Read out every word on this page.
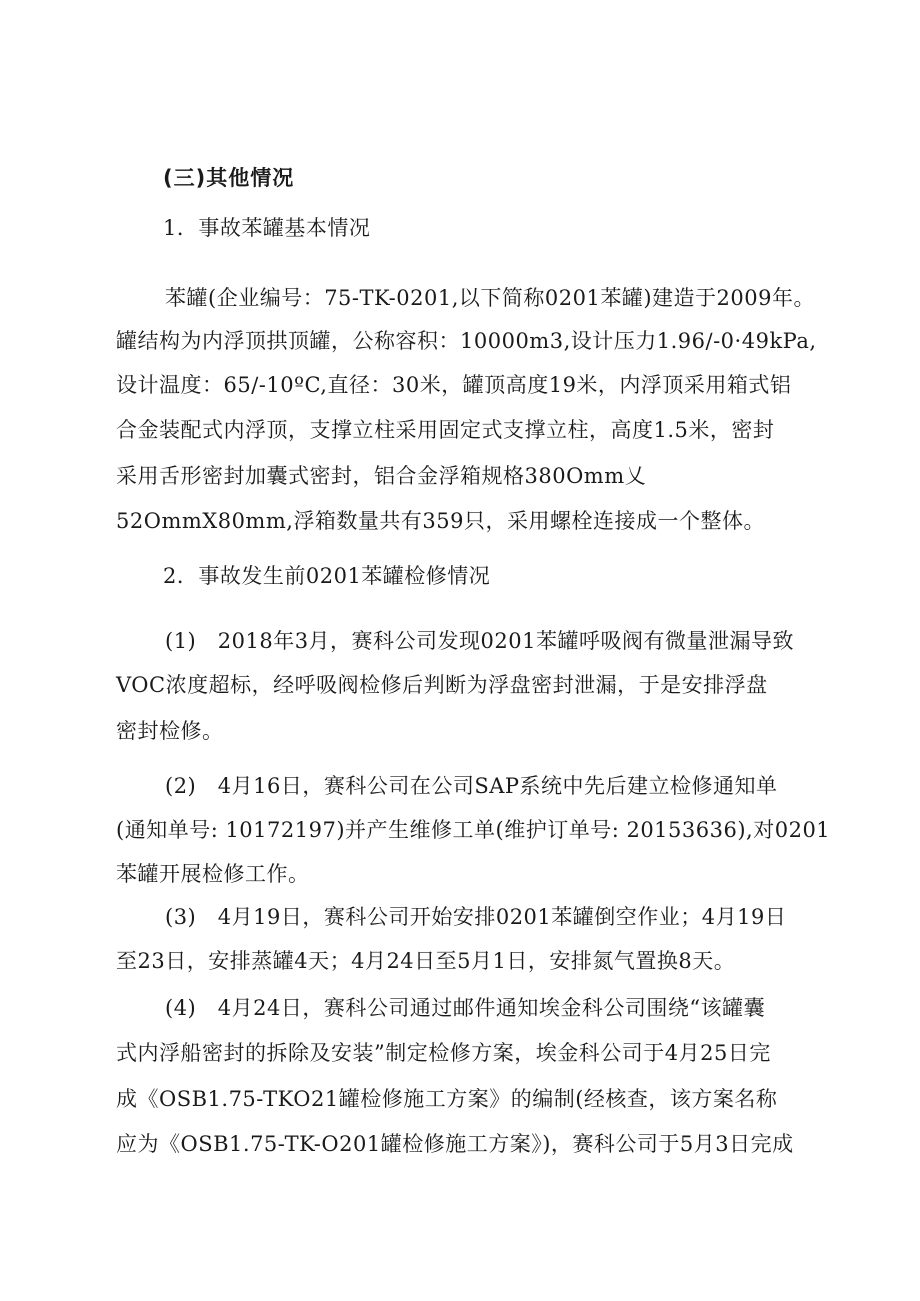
(三)其他情况
1．事故苯罐基本情况
苯罐(企业编号：75-TK-0201,以下简称0201苯罐)建造于2009年。
罐结构为内浮顶拱顶罐，公称容积：10000m3,设计压力1.96∕-0·49kPa,
设计温度：65∕-10ºC,直径：30米，罐顶高度19米，内浮顶采用箱式铝
合金装配式内浮顶，支撑立柱采用固定式支撑立柱，高度1.5米，密封
采用舌形密封加囊式密封，铝合金浮箱规格380Omm乂
52OmmX80mm,浮箱数量共有359只，采用螺栓连接成一个整体。
2．事故发生前0201苯罐检修情况
(1)　2018年3月，赛科公司发现0201苯罐呼吸阀有微量泄漏导致
VOC浓度超标，经呼吸阀检修后判断为浮盘密封泄漏，于是安排浮盘
密封检修。
(2)　4月16日，赛科公司在公司SAP系统中先后建立检修通知单
(通知单号: 10172197)并产生维修工单(维护订单号: 20153636),对0201
苯罐开展检修工作。
(3)　4月19日，赛科公司开始安排0201苯罐倒空作业；4月19日
至23日，安排蒸罐4天；4月24日至5月1日，安排氮气置换8天。
(4)　4月24日，赛科公司通过邮件通知埃金科公司围绕“该罐囊
式内浮船密封的拆除及安装”制定检修方案，埃金科公司于4月25日完
成《OSB1.75-TKO21罐检修施工方案》的编制(经核查，该方案名称
应为《OSB1.75-TK-O201罐检修施工方案》)，赛科公司于5月3日完成
